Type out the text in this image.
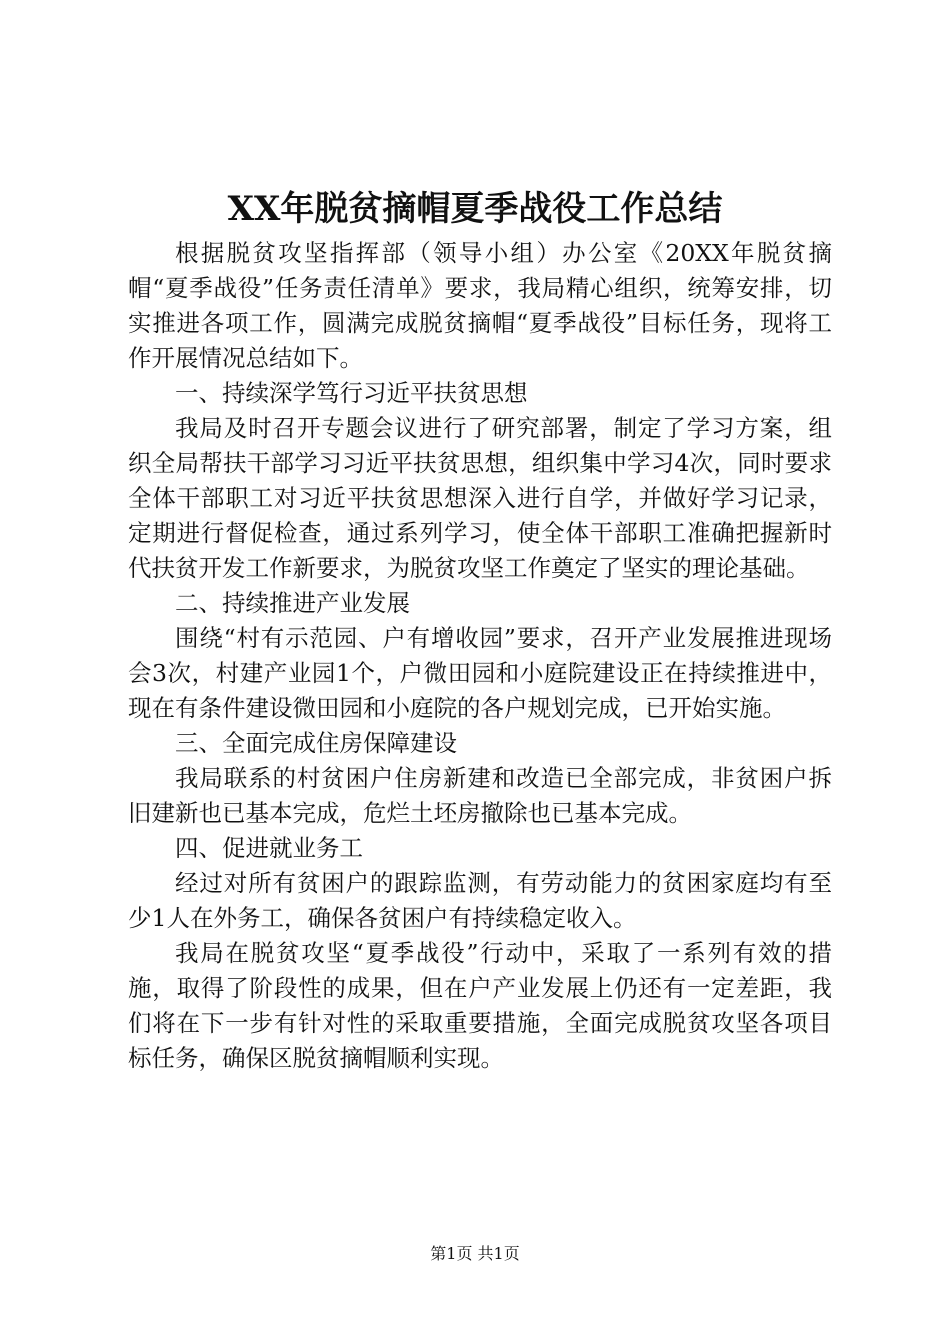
XX年脱贫摘帽夏季战役工作总结

根据脱贫攻坚指挥部（领导小组）办公室《20XX年脱贫摘帽“夏季战役”任务责任清单》要求，我局精心组织，统筹安排，切实推进各项工作，圆满完成脱贫摘帽“夏季战役”目标任务，现将工作开展情况总结如下。

一、持续深学笃行习近平扶贫思想

我局及时召开专题会议进行了研究部署，制定了学习方案，组织全局帮扶干部学习习近平扶贫思想，组织集中学习4次，同时要求全体干部职工对习近平扶贫思想深入进行自学，并做好学习记录，定期进行督促检查，通过系列学习，使全体干部职工准确把握新时代扶贫开发工作新要求，为脱贫攻坚工作奠定了坚实的理论基础。

二、持续推进产业发展

围绕“村有示范园、户有增收园”要求，召开产业发展推进现场会3次，村建产业园1个，户微田园和小庭院建设正在持续推进中，现在有条件建设微田园和小庭院的各户规划完成，已开始实施。

三、全面完成住房保障建设

我局联系的村贫困户住房新建和改造已全部完成，非贫困户拆旧建新也已基本完成，危烂土坯房撤除也已基本完成。

四、促进就业务工

经过对所有贫困户的跟踪监测，有劳动能力的贫困家庭均有至少1人在外务工，确保各贫困户有持续稳定收入。

我局在脱贫攻坚“夏季战役”行动中，采取了一系列有效的措施，取得了阶段性的成果，但在户产业发展上仍还有一定差距，我们将在下一步有针对性的采取重要措施，全面完成脱贫攻坚各项目标任务，确保区脱贫摘帽顺利实现。

第1页 共1页
